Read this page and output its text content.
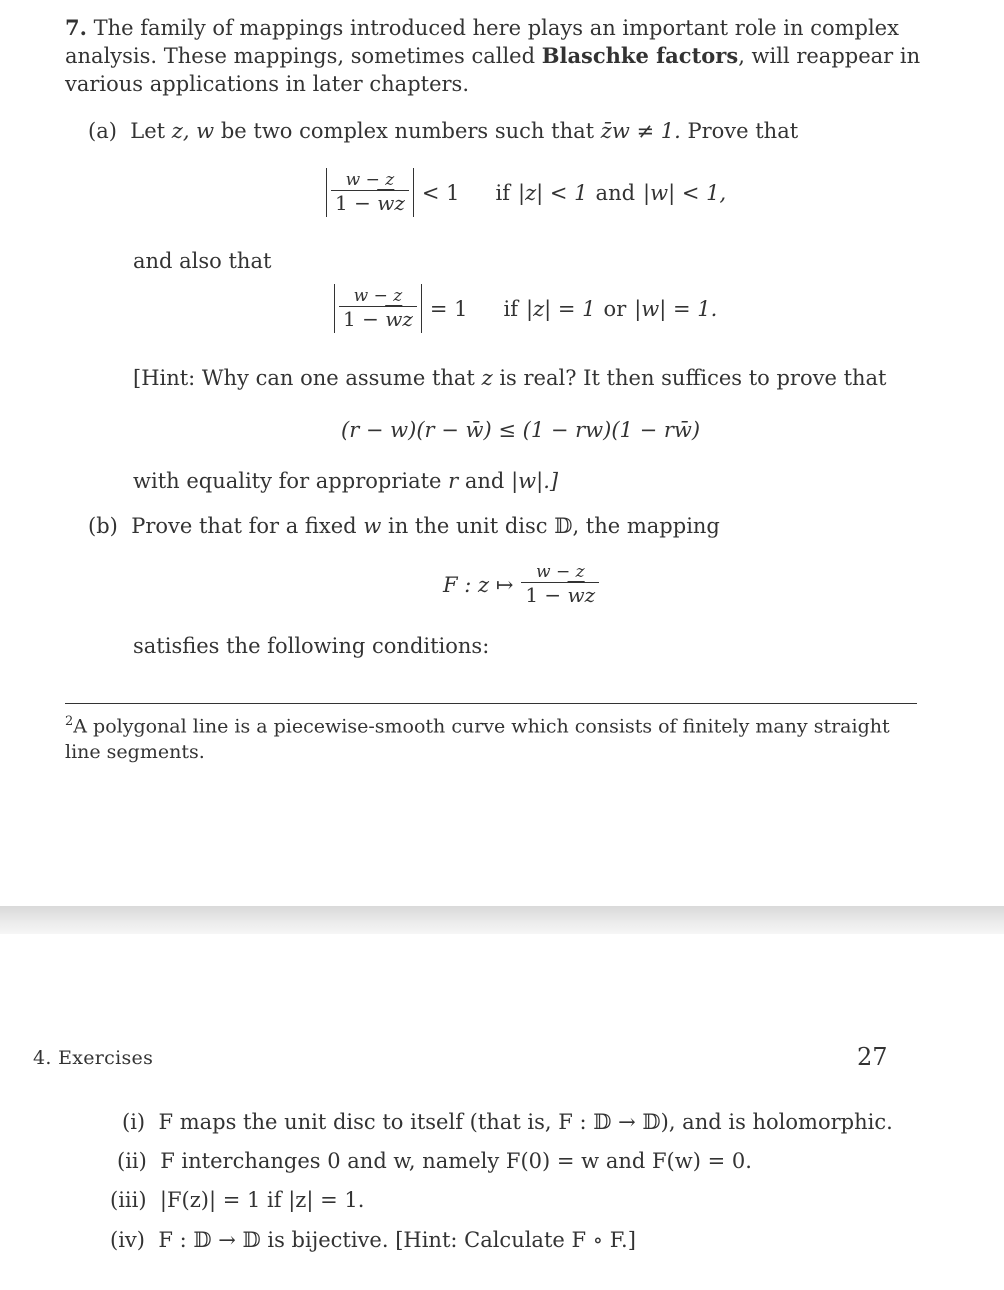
7. The family of mappings introduced here plays an important role in complex analysis. These mappings, sometimes called Blaschke factors, will reappear in various applications in later chapters.
(a) Let z, w be two complex numbers such that z̄w ≠ 1. Prove that
$\frac{w - z}{1 - \overline{w}z} < 1$ if |z| < 1 and |w| < 1,
and also that
$\frac{w - z}{1 - \overline{w}z} = 1$ if |z| = 1 or |w| = 1.
[Hint: Why can one assume that z is real? It then suffices to prove that
(r − w)(r − w̄) ≤ (1 − rw)(1 − rw̄)
with equality for appropriate r and |w|.]
(b) Prove that for a fixed w in the unit disc 𝔻, the mapping
F : z ↦ $\frac{w - z}{1 - \overline{w}z}$
satisfies the following conditions:
$^2$A polygonal line is a piecewise-smooth curve which consists of finitely many straight line segments.
4. Exercises	27
(i) F maps the unit disc to itself (that is, F : 𝔻 → 𝔻), and is holomorphic.
(ii) F interchanges 0 and w, namely F(0) = w and F(w) = 0.
(iii) |F(z)| = 1 if |z| = 1.
(iv) F : 𝔻 → 𝔻 is bijective. [Hint: Calculate F ∘ F.]
